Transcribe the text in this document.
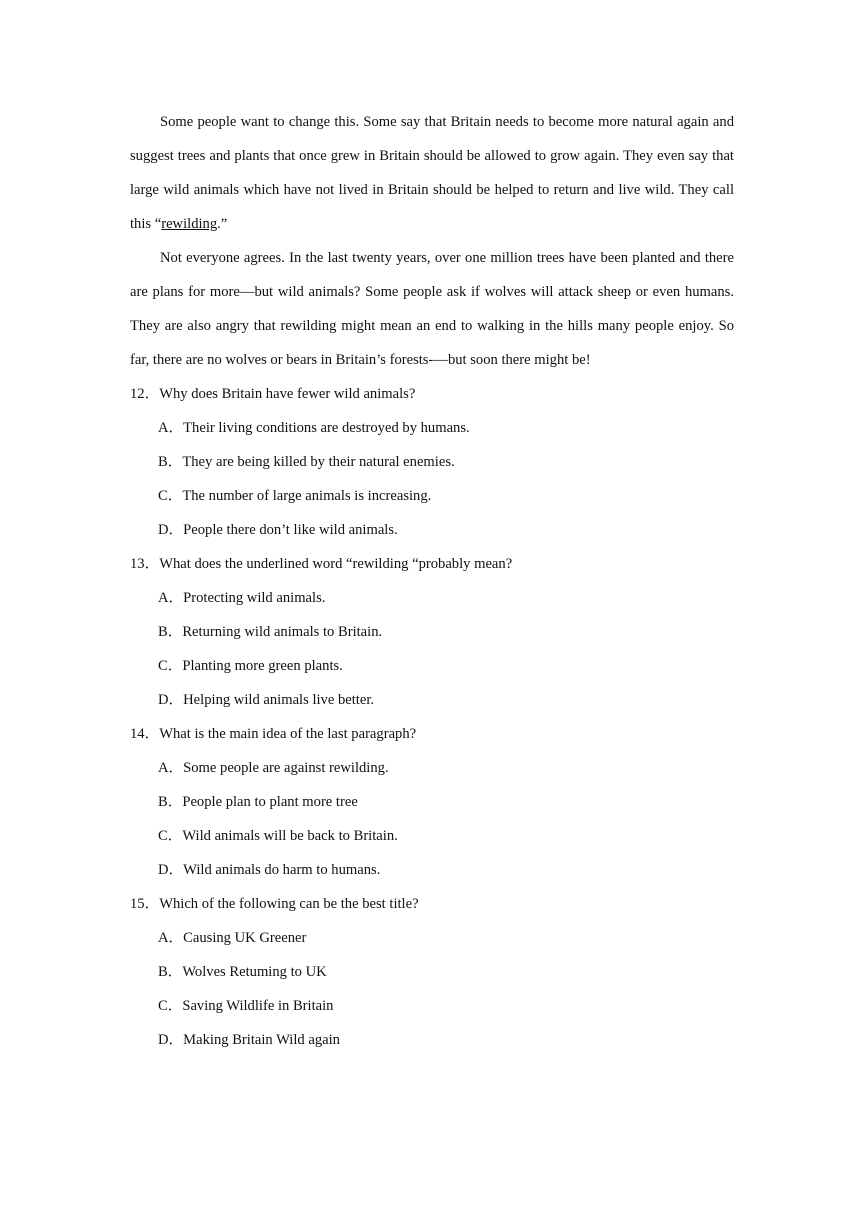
Some people want to change this. Some say that Britain needs to become more natural again and suggest trees and plants that once grew in Britain should be allowed to grow again. They even say that large wild animals which have not lived in Britain should be helped to return and live wild. They call this “rewilding.”

Not everyone agrees. In the last twenty years, over one million trees have been planted and there are plans for more—but wild animals? Some people ask if wolves will attack sheep or even humans. They are also angry that rewilding might mean an end to walking in the hills many people enjoy. So far, there are no wolves or bears in Britain’s forests-—but soon there might be!

12．Why does Britain have fewer wild animals?

A．Their living conditions are destroyed by humans.

B．They are being killed by their natural enemies.

C．The number of large animals is increasing.

D．People there don’t like wild animals.

13．What does the underlined word “rewilding “probably mean?

A．Protecting wild animals.

B．Returning wild animals to Britain.

C．Planting more green plants.

D．Helping wild animals live better.

14．What is the main idea of the last paragraph?

A．Some people are against rewilding.

B．People plan to plant more tree

C．Wild animals will be back to Britain.

D．Wild animals do harm to humans.

15．Which of the following can be the best title?

A．Causing UK Greener

B．Wolves Retuming to UK

C．Saving Wildlife in Britain

D．Making Britain Wild again
